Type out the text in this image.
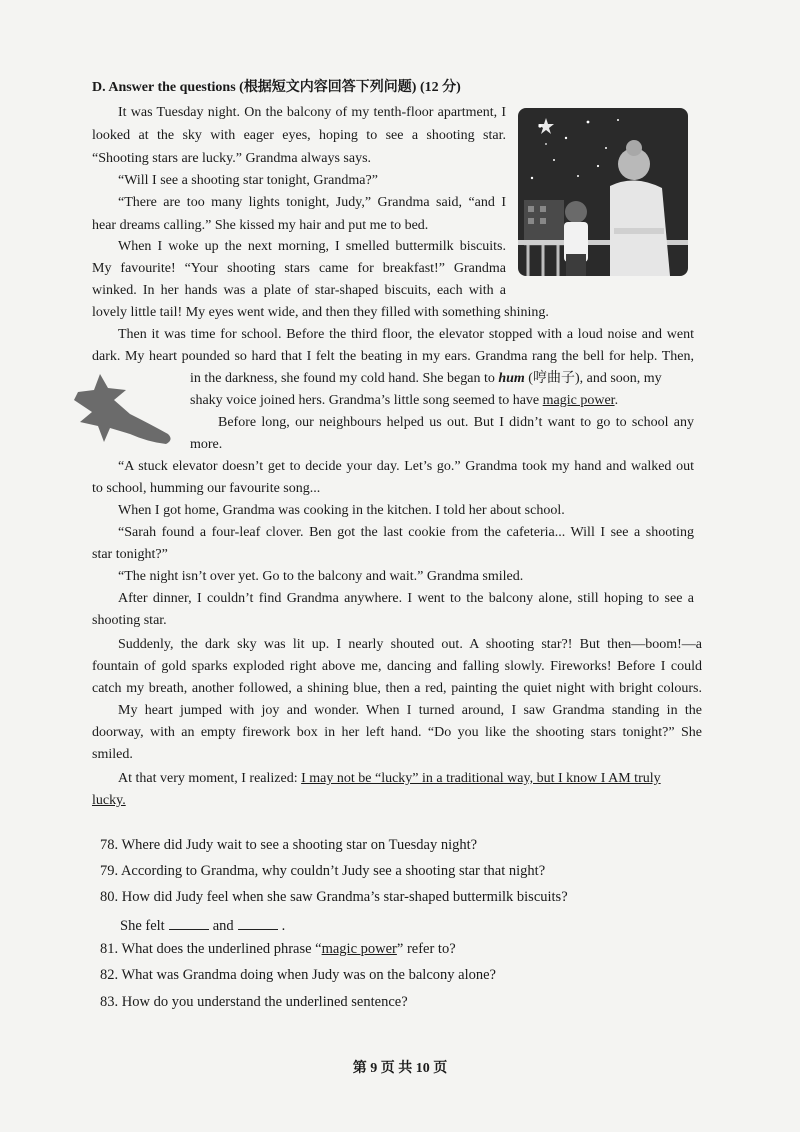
D. Answer the questions (根据短文内容回答下列问题) (12 分)
It was Tuesday night. On the balcony of my tenth-floor apartment, I
looked at the sky with eager eyes, hoping to see a shooting star.
“Shooting stars are lucky.” Grandma always says.
“Will I see a shooting star tonight, Grandma?”
“There are too many lights tonight, Judy,” Grandma said, “and I
hear dreams calling.” She kissed my hair and put me to bed.
When I woke up the next morning, I smelled buttermilk biscuits.
My favourite! “Your shooting stars came for breakfast!” Grandma
winked. In her hands was a plate of star-shaped biscuits, each with a
lovely little tail! My eyes went wide, and then they filled with something shining.
Then it was time for school. Before the third floor, the elevator stopped with a loud noise and went
dark. My heart pounded so hard that I felt the beating in my ears. Grandma rang the bell for help. Then,
in the darkness, she found my cold hand. She began to hum (哼曲子), and soon, my
shaky voice joined hers. Grandma’s little song seemed to have magic power.
Before long, our neighbours helped us out. But I didn’t want to go to school any
more.
“A stuck elevator doesn’t get to decide your day. Let’s go.” Grandma took my hand and walked out
to school, humming our favourite song...
When I got home, Grandma was cooking in the kitchen. I told her about school.
“Sarah found a four-leaf clover. Ben got the last cookie from the cafeteria... Will I see a shooting
star tonight?”
“The night isn’t over yet. Go to the balcony and wait.” Grandma smiled.
After dinner, I couldn’t find Grandma anywhere. I went to the balcony alone, still hoping to see a
shooting star.
Suddenly, the dark sky was lit up. I nearly shouted out. A shooting star?! But then—boom!—a
fountain of gold sparks exploded right above me, dancing and falling slowly. Fireworks! Before I could
catch my breath, another followed, a shining blue, then a red, painting the quiet night with bright colours.
My heart jumped with joy and wonder. When I turned around, I saw Grandma standing in the
doorway, with an empty firework box in her left hand. “Do you like the shooting stars tonight?” She
smiled.
At that very moment, I realized: I may not be “lucky” in a traditional way, but I know I AM truly
lucky.
78. Where did Judy wait to see a shooting star on Tuesday night?
79. According to Grandma, why couldn’t Judy see a shooting star that night?
80. How did Judy feel when she saw Grandma’s star-shaped buttermilk biscuits?
She felt	and	.
81. What does the underlined phrase “magic power” refer to?
82. What was Grandma doing when Judy was on the balcony alone?
83. How do you understand the underlined sentence?
第 9 页 共 10 页
